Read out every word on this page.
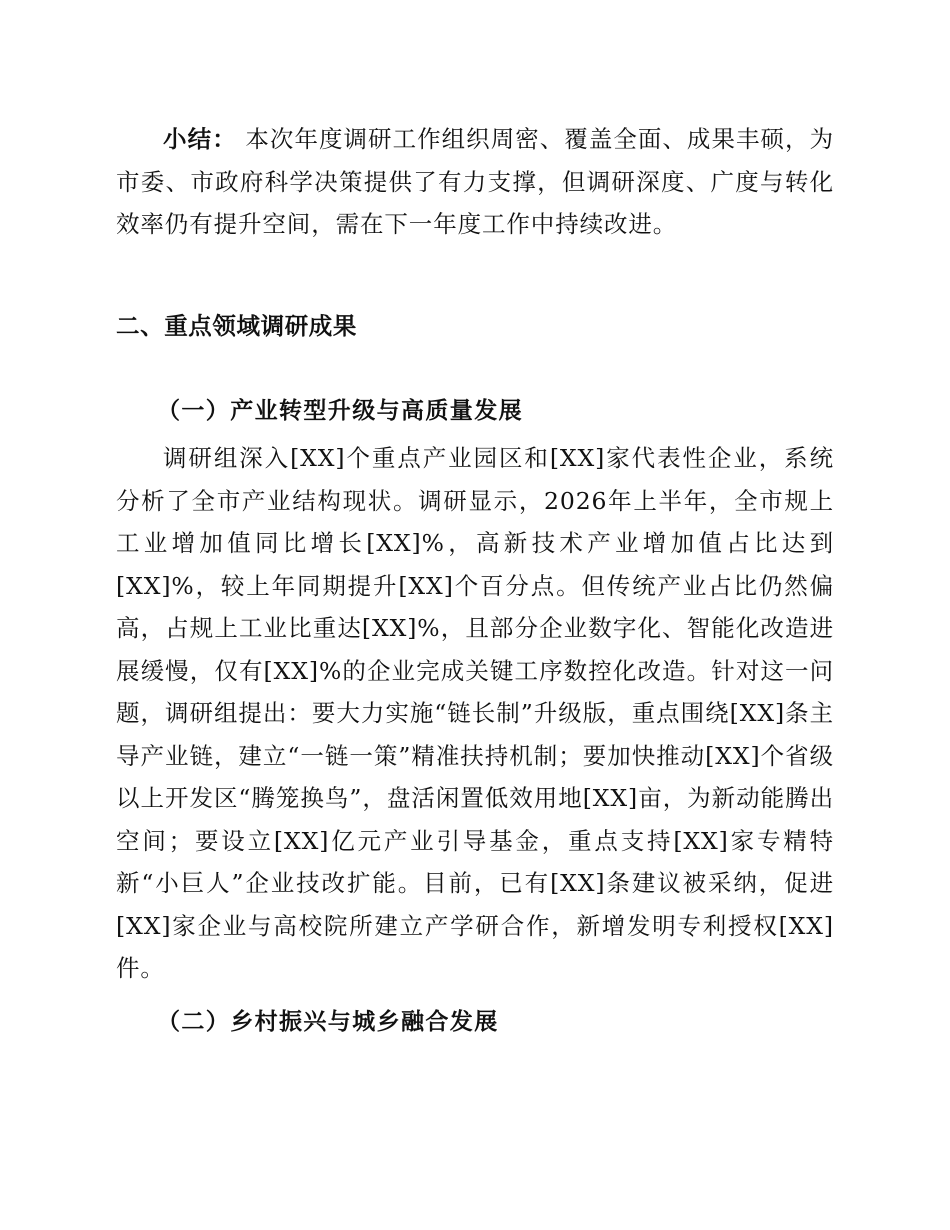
小结： 本次年度调研工作组织周密、覆盖全面、成果丰硕，为市委、市政府科学决策提供了有力支撑，但调研深度、广度与转化效率仍有提升空间，需在下一年度工作中持续改进。

二、重点领域调研成果
（一）产业转型升级与高质量发展

调研组深入[XX]个重点产业园区和[XX]家代表性企业，系统分析了全市产业结构现状。调研显示，2026年上半年，全市规上工业增加值同比增长[XX]%，高新技术产业增加值占比达到[XX]%，较上年同期提升[XX]个百分点。但传统产业占比仍然偏高，占规上工业比重达[XX]%，且部分企业数字化、智能化改造进展缓慢，仅有[XX]%的企业完成关键工序数控化改造。针对这一问题，调研组提出：要大力实施“链长制”升级版，重点围绕[XX]条主导产业链，建立“一链一策”精准扶持机制；要加快推动[XX]个省级以上开发区“腾笼换鸟”，盘活闲置低效用地[XX]亩，为新动能腾出空间；要设立[XX]亿元产业引导基金，重点支持[XX]家专精特新“小巨人”企业技改扩能。目前，已有[XX]条建议被采纳，促进[XX]家企业与高校院所建立产学研合作，新增发明专利授权[XX]件。

（二）乡村振兴与城乡融合发展
